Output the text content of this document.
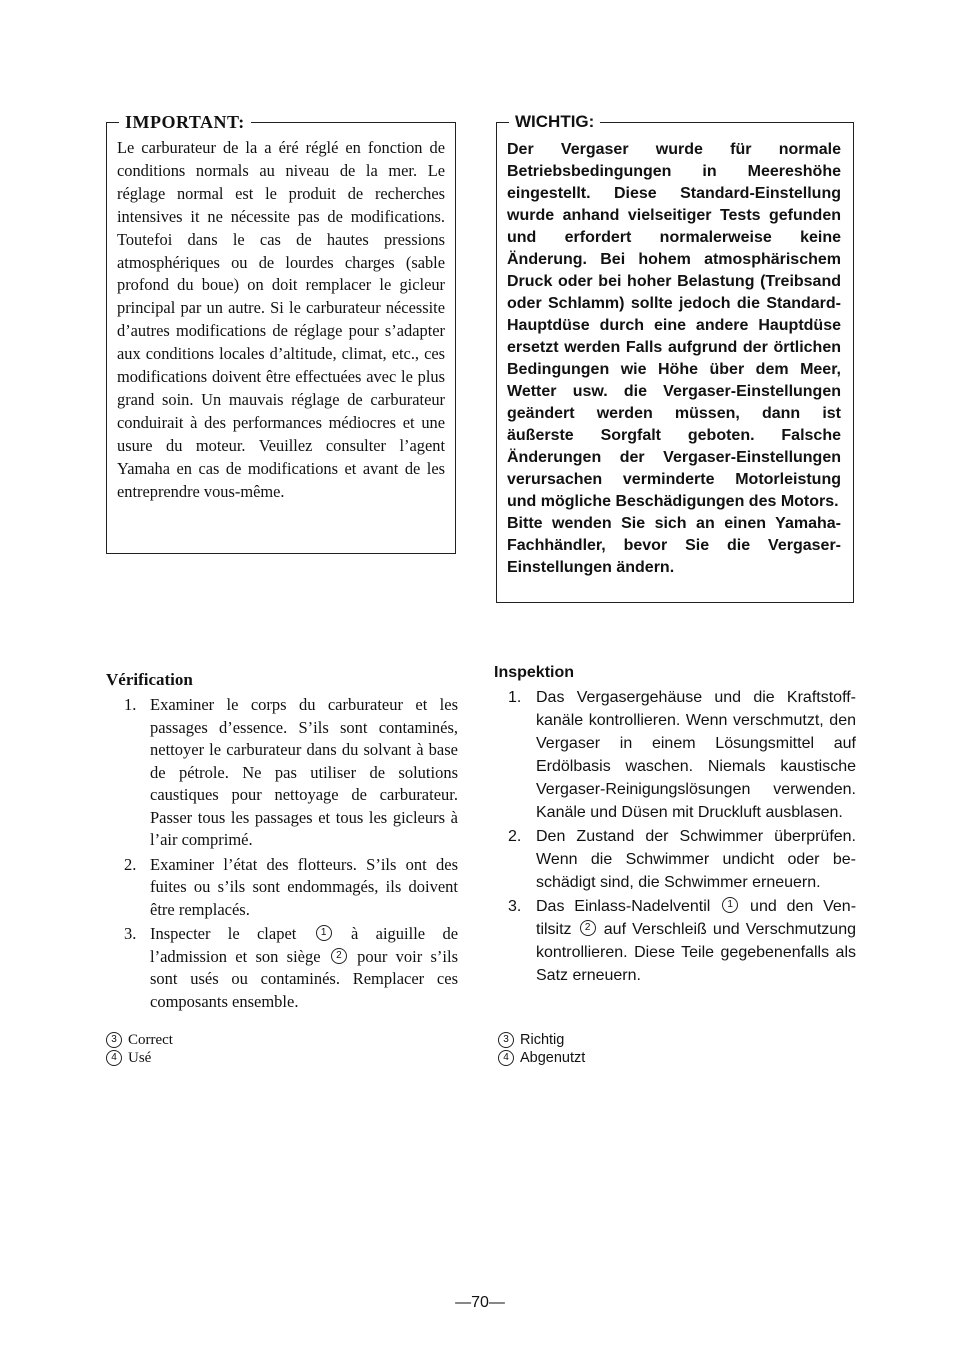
IMPORTANT:

Le carburateur de la a éré réglé en fonction de conditions normals au niveau de la mer. Le réglage normal est le produit de recherches intensives it ne nécessite pas de modifications. Toutefoi dans le cas de hautes pressions atmosphériques ou de lourdes charges (sable profond du boue) on doit remplacer le gicleur principal par un autre. Si le carburateur nécessite d’autres modifications de réglage pour s’adapter aux conditions locales d’altitude, climat, etc., ces modifications doivent être effectuées avec le plus grand soin. Un mauvais réglage de carburateur conduirait à des performances médiocres et une usure du moteur. Veuillez consulter l’agent Yamaha en cas de modifications et avant de les entreprendre vous-même.

WICHTIG:

Der Vergaser wurde für normale Betriebsbedingungen in Meereshöhe eingestellt. Diese Standard-Einstellung wurde anhand vielseitiger Tests gefunden und erfordert normalerweise keine Änderung. Bei hohem atmosphärischem Druck oder bei hoher Belastung (Treibsand oder Schlamm) sollte jedoch die Standard-Hauptdüse durch eine andere Hauptdüse ersetzt werden Falls aufgrund der örtlichen Bedingungen wie Höhe über dem Meer, Wetter usw. die Vergaser-Einstellungen geändert werden müssen, dann ist äußerste Sorgfalt geboten. Falsche Änderungen der Vergaser-Einstellungen verursachen verminderte Motorleistung und mögliche Beschädigungen des Motors.

Bitte wenden Sie sich an einen Yamaha-Fachhändler, bevor Sie die Vergaser-Einstellungen ändern.

Vérification
1. Examiner le corps du carburateur et les passages d’essence. S’ils sont contaminés, nettoyer le carburateur dans du solvant à base de pétrole. Ne pas utiliser de solutions caustiques pour nettoyage de carburateur. Passer tous les passages et tous les gicleurs à l’air comprimé.
2. Examiner l’état des flotteurs. S’ils ont des fuites ou s’ils sont endommagés, ils doivent être remplacés.
3. Inspecter le clapet 1 à aiguille de l’admission et son siège 2 pour voir s’ils sont usés ou contaminés. Remplacer ces composants ensemble.
Inspektion
1. Das Vergasergehäuse und die Kraftstoffkanäle kontrollieren. Wenn verschmutzt, den Vergaser in einem Lösungsmittel auf Erdölbasis waschen. Niemals kaustische Vergaser-Reinigungslösungen verwenden. Kanäle und Düsen mit Druckluft ausblasen.
2. Den Zustand der Schwimmer überprüfen. Wenn die Schwimmer undicht oder beschädigt sind, die Schwimmer erneuern.
3. Das Einlass-Nadelventil 1 und den Ventilsitz 2 auf Verschleiß und Verschmutzung kontrollieren. Diese Teile gegebenenfalls als Satz erneuern.
3 Correct
4 Usé
3 Richtig
4 Abgenutzt
—70—
